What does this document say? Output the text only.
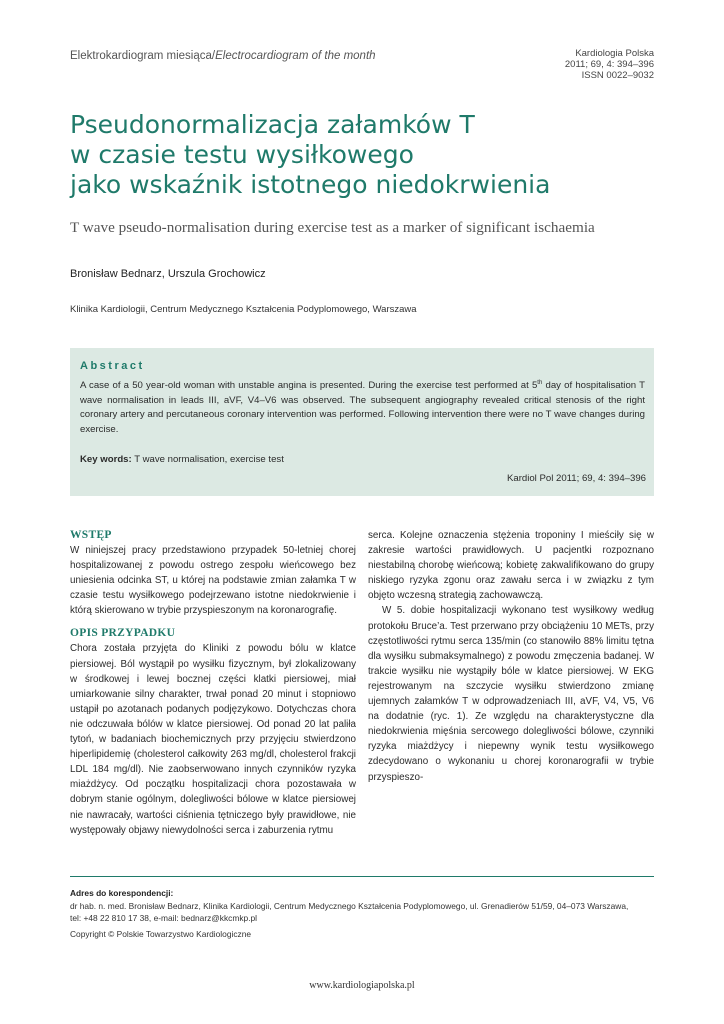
Elektrokardiogram miesiąca/Electrocardiogram of the month	Kardiologia Polska
2011; 69, 4: 394–396
ISSN 0022–9032
Pseudonormalizacja załamków T
w czasie testu wysiłkowego
jako wskaźnik istotnego niedokrwienia
T wave pseudo-normalisation during exercise test as a marker of significant ischaemia
Bronisław Bednarz, Urszula Grochowicz
Klinika Kardiologii, Centrum Medycznego Kształcenia Podyplomowego, Warszawa
Abstract
A case of a 50 year-old woman with unstable angina is presented. During the exercise test performed at 5th day of hospitalisation T wave normalisation in leads III, aVF, V4–V6 was observed. The subsequent angiography revealed critical stenosis of the right coronary artery and percutaneous coronary intervention was performed. Following intervention there were no T wave changes during exercise.
Key words: T wave normalisation, exercise test
Kardiol Pol 2011; 69, 4: 394–396
WSTĘP

W niniejszej pracy przedstawiono przypadek 50-letniej chorej hospitalizowanej z powodu ostrego zespołu wieńcowego bez uniesienia odcinka ST, u której na podstawie zmian załamka T w czasie testu wysiłkowego podejrzewano istotne niedokrwienie i którą skierowano w trybie przyspieszonym na koronarografię.

OPIS PRZYPADKU

Chora została przyjęta do Kliniki z powodu bólu w klatce piersiowej. Ból wystąpił po wysiłku fizycznym, był zlokalizowany w środkowej i lewej bocznej części klatki piersiowej, miał umiarkowanie silny charakter, trwał ponad 20 minut i stopniowo ustąpił po azotanach podanych podjęzykowo. Dotychczas chora nie odczuwała bólów w klatce piersiowej. Od ponad 20 lat paliła tytoń, w badaniach biochemicznych przy przyjęciu stwierdzono hiperlipidemię (cholesterol całkowity 263 mg/dl, cholesterol frakcji LDL 184 mg/dl). Nie zaobserwowano innych czynników ryzyka miażdżycy. Od początku hospitalizacji chora pozostawała w dobrym stanie ogólnym, dolegliwości bólowe w klatce piersiowej nie nawracały, wartości ciśnienia tętniczego były prawidłowe, nie występowały objawy niewydolności serca i zaburzenia rytmu

serca. Kolejne oznaczenia stężenia troponiny I mieściły się w zakresie wartości prawidłowych. U pacjentki rozpoznano niestabilną chorobę wieńcową; kobietę zakwalifikowano do grupy niskiego ryzyka zgonu oraz zawału serca i w związku z tym objęto wczesną strategią zachowawczą.

W 5. dobie hospitalizacji wykonano test wysiłkowy według protokołu Bruce’a. Test przerwano przy obciążeniu 10 METs, przy częstotliwości rytmu serca 135/min (co stanowiło 88% limitu tętna dla wysiłku submaksymalnego) z powodu zmęczenia badanej. W trakcie wysiłku nie wystąpiły bóle w klatce piersiowej. W EKG rejestrowanym na szczycie wysiłku stwierdzono zmianę ujemnych załamków T w odprowadzeniach III, aVF, V4, V5, V6 na dodatnie (ryc. 1). Ze względu na charakterystyczne dla niedokrwienia mięśnia sercowego dolegliwości bólowe, czynniki ryzyka miażdżycy i niepewny wynik testu wysiłkowego zdecydowano o wykonaniu u chorej koronarografii w trybie przyspieszo-

Adres do korespondencji:
dr hab. n. med. Bronisław Bednarz, Klinika Kardiologii, Centrum Medycznego Kształcenia Podyplomowego, ul. Grenadierów 51/59, 04–073 Warszawa,
tel: +48 22 810 17 38, e-mail: bednarz@kkcmkp.pl
Copyright © Polskie Towarzystwo Kardiologiczne
www.kardiologiapolska.pl
